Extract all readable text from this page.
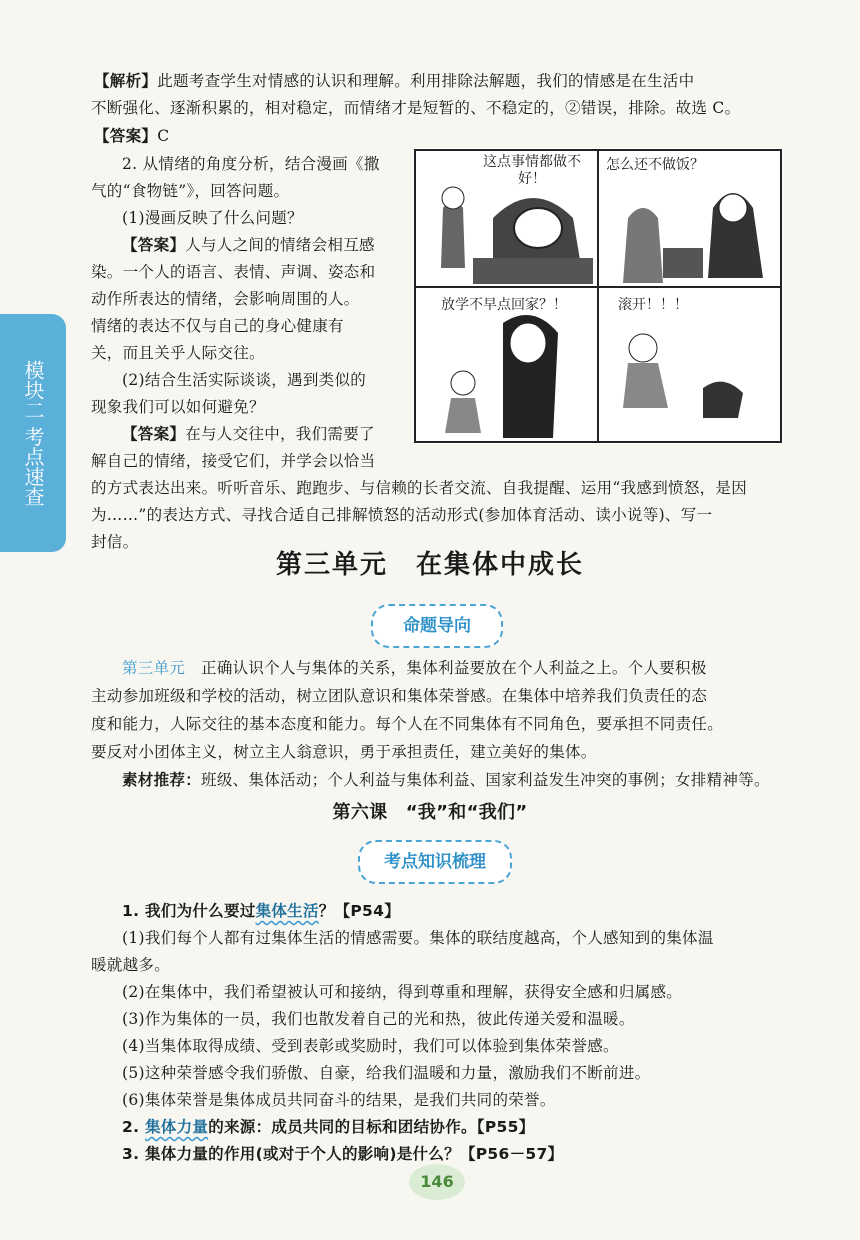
模块二 考点速查
【解析】此题考查学生对情感的认识和理解。利用排除法解题，我们的情感是在生活中
不断强化、逐渐积累的，相对稳定，而情绪才是短暂的、不稳定的，②错误，排除。故选 C。
【答案】C
2. 从情绪的角度分析，结合漫画《撒
气的“食物链”》，回答问题。
(1)漫画反映了什么问题？
【答案】人与人之间的情绪会相互感
染。一个人的语言、表情、声调、姿态和
动作所表达的情绪，会影响周围的人。
情绪的表达不仅与自己的身心健康有
关，而且关乎人际交往。
(2)结合生活实际谈谈，遇到类似的
现象我们可以如何避免？
【答案】在与人交往中，我们需要了
解自己的情绪，接受它们，并学会以恰当
的方式表达出来。听听音乐、跑跑步、与信赖的长者交流、自我提醒、运用“我感到愤怒，是因
为……”的表达方式、寻找合适自己排解愤怒的活动形式(参加体育活动、读小说等)、写一
封信。
这点事情都做不好！
怎么还不做饭？
放学不早点回家？！	滚开！！！
第三单元　在集体中成长
命题导向
第三单元　 正确认识个人与集体的关系，集体利益要放在个人利益之上。个人要积极
主动参加班级和学校的活动，树立团队意识和集体荣誉感。在集体中培养我们负责任的态
度和能力，人际交往的基本态度和能力。每个人在不同集体有不同角色，要承担不同责任。
要反对小团体主义，树立主人翁意识，勇于承担责任，建立美好的集体。
素材推荐：班级、集体活动；个人利益与集体利益、国家利益发生冲突的事例；女排精神等。
第六课　“我”和“我们”
考点知识梳理
1. 我们为什么要过集体生活？【P54】
(1)我们每个人都有过集体生活的情感需要。集体的联结度越高，个人感知到的集体温
暖就越多。
(2)在集体中，我们希望被认可和接纳，得到尊重和理解，获得安全感和归属感。
(3)作为集体的一员，我们也散发着自己的光和热，彼此传递关爱和温暖。
(4)当集体取得成绩、受到表彰或奖励时，我们可以体验到集体荣誉感。
(5)这种荣誉感令我们骄傲、自豪，给我们温暖和力量，激励我们不断前进。
(6)集体荣誉是集体成员共同奋斗的结果，是我们共同的荣誉。
2. 集体力量的来源：成员共同的目标和团结协作。【P55】
3. 集体力量的作用(或对于个人的影响)是什么？【P56－57】
146
